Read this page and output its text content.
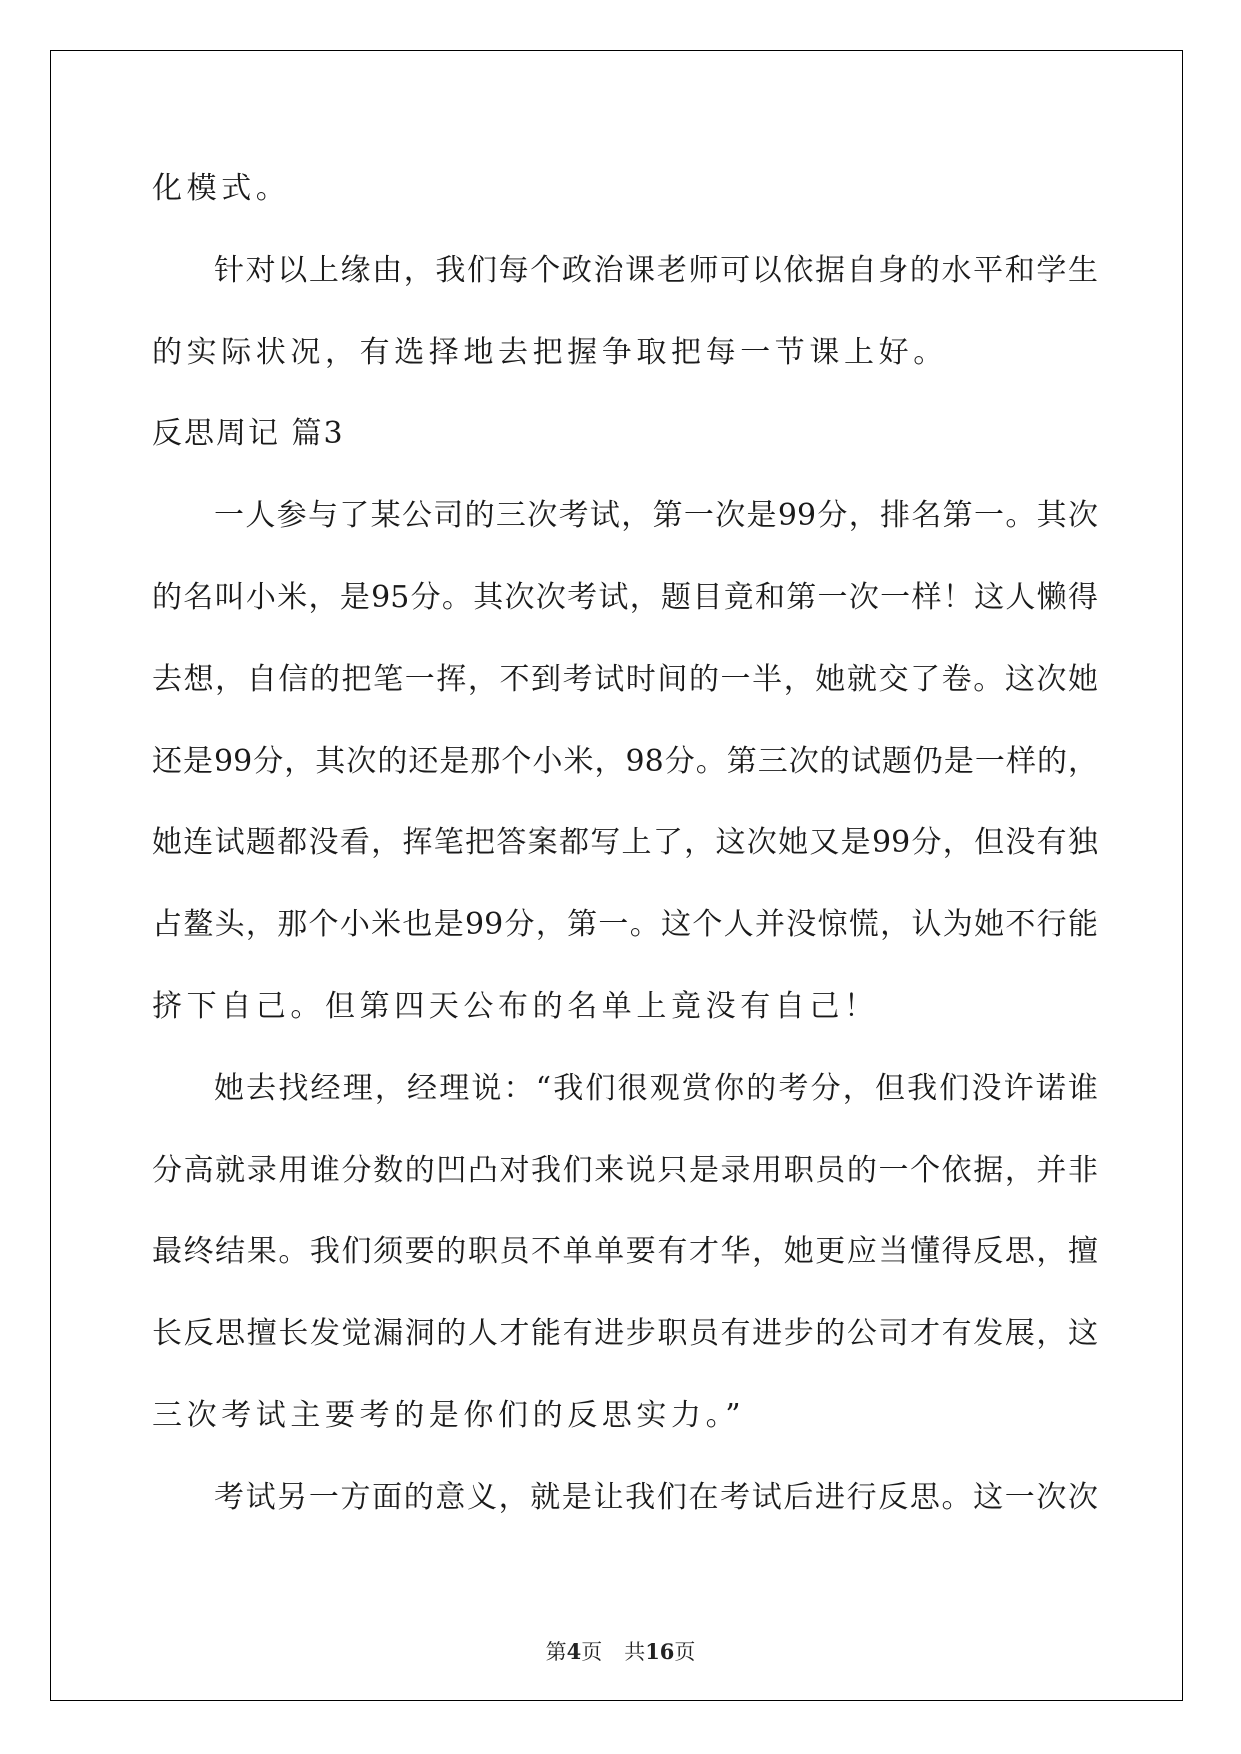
化模式。

针对以上缘由，我们每个政治课老师可以依据自身的水平和学生

的实际状况，有选择地去把握争取把每一节课上好。

反思周记 篇3

一人参与了某公司的三次考试，第一次是99分，排名第一。其次

的名叫小米，是95分。其次次考试，题目竟和第一次一样！这人懒得

去想，自信的把笔一挥，不到考试时间的一半，她就交了卷。这次她

还是99分，其次的还是那个小米，98分。第三次的试题仍是一样的，

她连试题都没看，挥笔把答案都写上了，这次她又是99分，但没有独

占鳌头，那个小米也是99分，第一。这个人并没惊慌，认为她不行能

挤下自己。但第四天公布的名单上竟没有自己！

她去找经理，经理说：“我们很观赏你的考分，但我们没许诺谁

分高就录用谁分数的凹凸对我们来说只是录用职员的一个依据，并非

最终结果。我们须要的职员不单单要有才华，她更应当懂得反思，擅

长反思擅长发觉漏洞的人才能有进步职员有进步的公司才有发展，这

三次考试主要考的是你们的反思实力。”

考试另一方面的意义，就是让我们在考试后进行反思。这一次次

第4页 共16页
